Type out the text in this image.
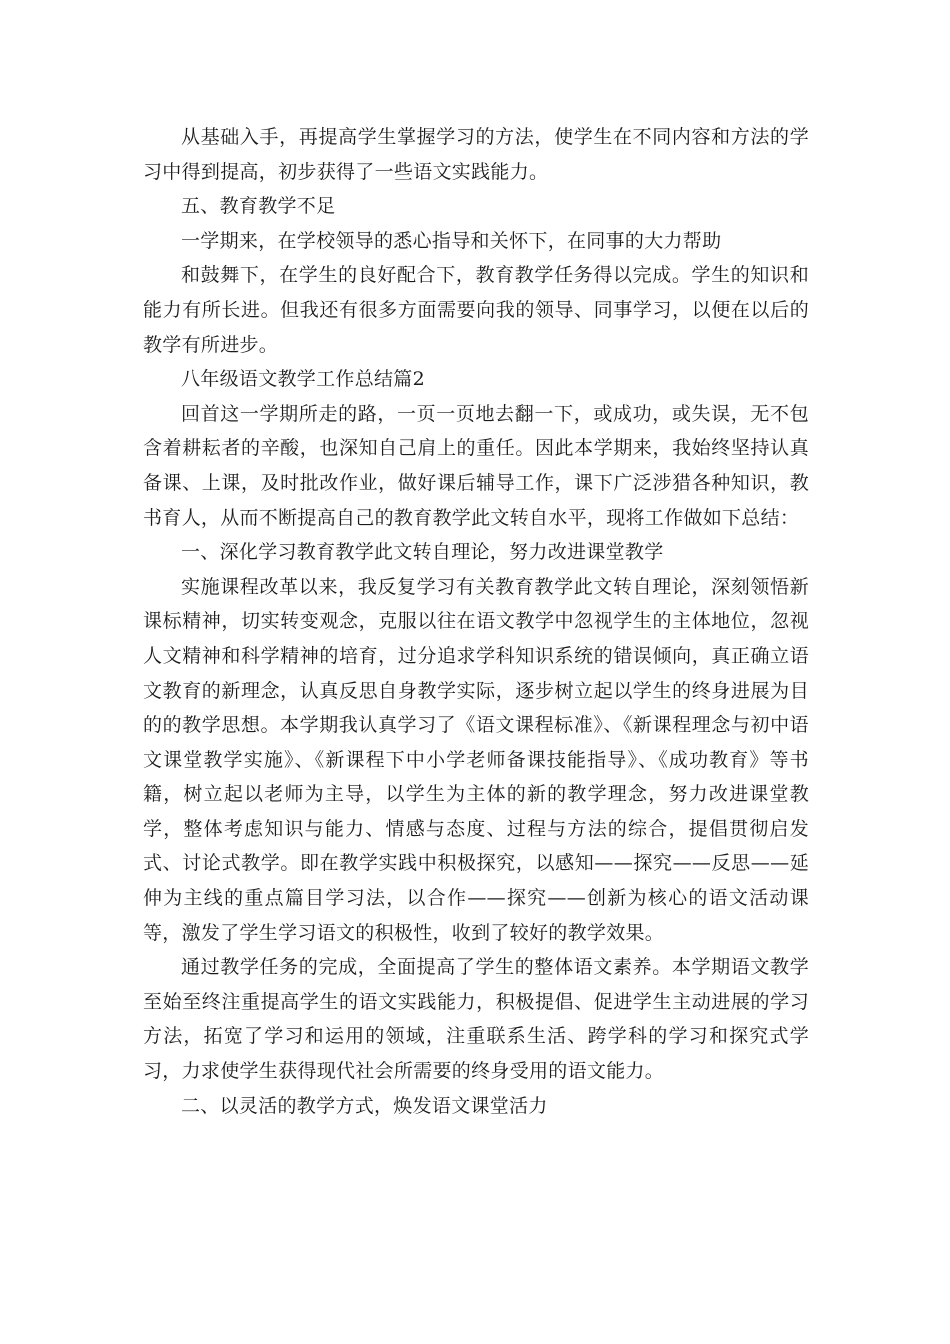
从基础入手，再提高学生掌握学习的方法，使学生在不同内容和方法的学习中得到提高，初步获得了一些语文实践能力。

五、教育教学不足

一学期来，在学校领导的悉心指导和关怀下，在同事的大力帮助

和鼓舞下，在学生的良好配合下，教育教学任务得以完成。学生的知识和能力有所长进。但我还有很多方面需要向我的领导、同事学习，以便在以后的教学有所进步。

八年级语文教学工作总结篇2

回首这一学期所走的路，一页一页地去翻一下，或成功，或失误，无不包含着耕耘者的辛酸，也深知自己肩上的重任。因此本学期来，我始终坚持认真备课、上课，及时批改作业，做好课后辅导工作，课下广泛涉猎各种知识，教书育人，从而不断提高自己的教育教学此文转自水平，现将工作做如下总结：

一、深化学习教育教学此文转自理论，努力改进课堂教学

实施课程改革以来，我反复学习有关教育教学此文转自理论，深刻领悟新课标精神，切实转变观念，克服以往在语文教学中忽视学生的主体地位，忽视人文精神和科学精神的培育，过分追求学科知识系统的错误倾向，真正确立语文教育的新理念，认真反思自身教学实际，逐步树立起以学生的终身进展为目的的教学思想。本学期我认真学习了《语文课程标准》、《新课程理念与初中语文课堂教学实施》、《新课程下中小学老师备课技能指导》、《成功教育》等书籍，树立起以老师为主导，以学生为主体的新的教学理念，努力改进课堂教学，整体考虑知识与能力、情感与态度、过程与方法的综合，提倡贯彻启发式、讨论式教学。即在教学实践中积极探究，以感知——探究——反思——延伸为主线的重点篇目学习法，以合作——探究——创新为核心的语文活动课等，激发了学生学习语文的积极性，收到了较好的教学效果。

通过教学任务的完成，全面提高了学生的整体语文素养。本学期语文教学至始至终注重提高学生的语文实践能力，积极提倡、促进学生主动进展的学习方法，拓宽了学习和运用的领域，注重联系生活、跨学科的学习和探究式学习，力求使学生获得现代社会所需要的终身受用的语文能力。

二、以灵活的教学方式，焕发语文课堂活力
